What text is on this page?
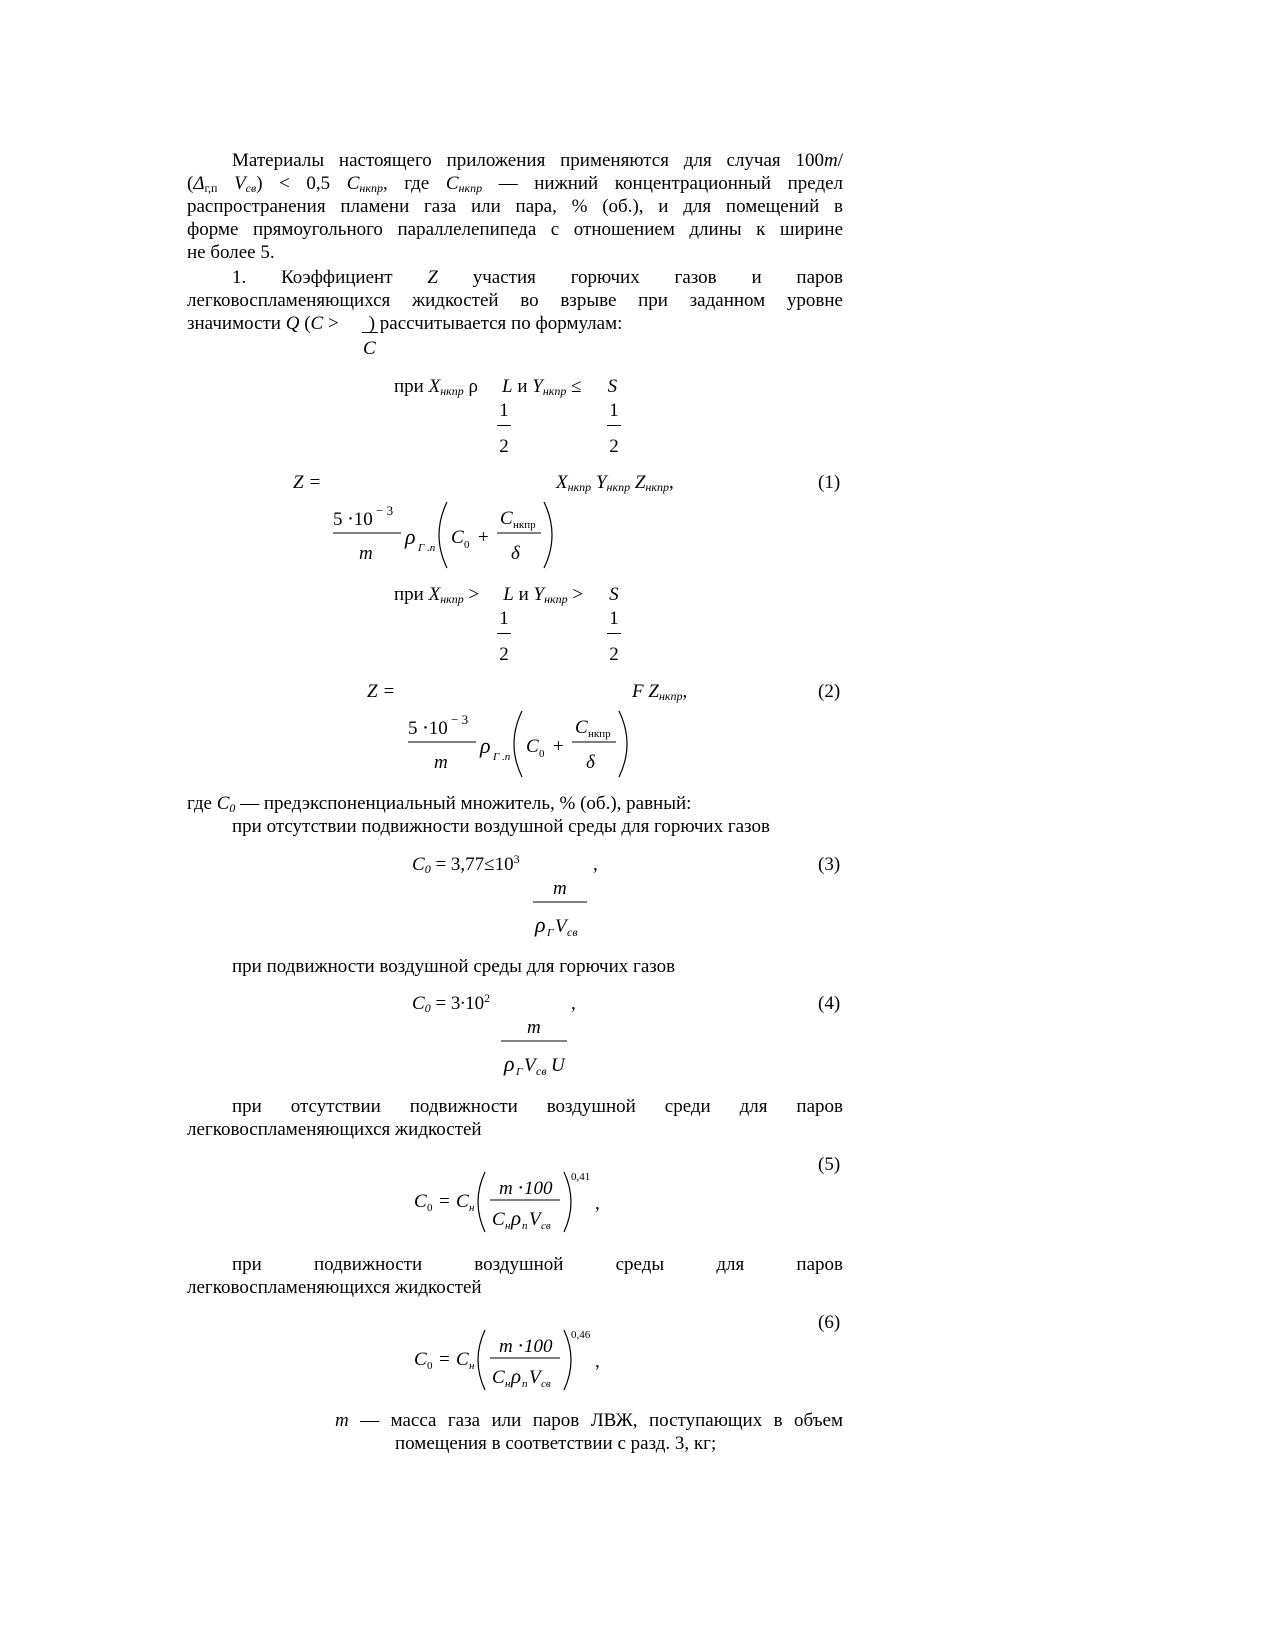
Материалы настоящего приложения применяются для случая 100m/
($\Delta_{г,п}$ $V_{св}) < 0,5$ $C_{нкпр}$, где $C_{нкпр}$ — нижний концентрационный предел
распространения пламени газа или пара, % (об.), и для помещений в
форме прямоугольного параллелепипеда с отношением длины к ширине
не более 5.
1. Коэффициент Z участия горючих газов и паров
легковоспламеняющихся жидкостей во взрыве при заданном уровне
значимости Q (C > ) рассчитывается по формулам:
C
при $X_{нкпр}$ ρ L и $Y_{нкпр} \le S$
1
2
1
2
Z =	$X_{нкпр}$ $Y_{нкпр}$ $Z_{нкпр}$,	(1)
5 ⋅10 − 3
m
ρ Г .п C 0 +
C нкпр
δ
при $X_{нкпр} > L$ и $Y_{нкпр} > S$
1
2
1
2
Z =	F $Z_{нкпр}$,	(2)
5 ⋅10 − 3
m
ρ Г .п C 0 +
C нкпр
δ
где $C_0$ — предэкспоненциальный множитель, % (об.), равный:
при отсутствии подвижности воздушной среды для горючих газов
$C_0 = 3,77\le 10^3$	,	(3)
m
ρ Г V св
при подвижности воздушной среды для горючих газов
$C_0 = 3\cdot 10^2$	,	(4)
m
ρ Г V св U
при отсутствии подвижности воздушной среди для паров
легковоспламеняющихся жидкостей
(5)
C 0 = C н
m ⋅100
C н ρ п V св
0,41
,
при подвижности воздушной среды для паров
легковоспламеняющихся жидкостей
(6)
C 0 = C н
m ⋅100
C н ρ п V св
0,46
,
m — масса газа или паров ЛВЖ, поступающих в объем
помещения в соответствии с разд. 3, кг;
